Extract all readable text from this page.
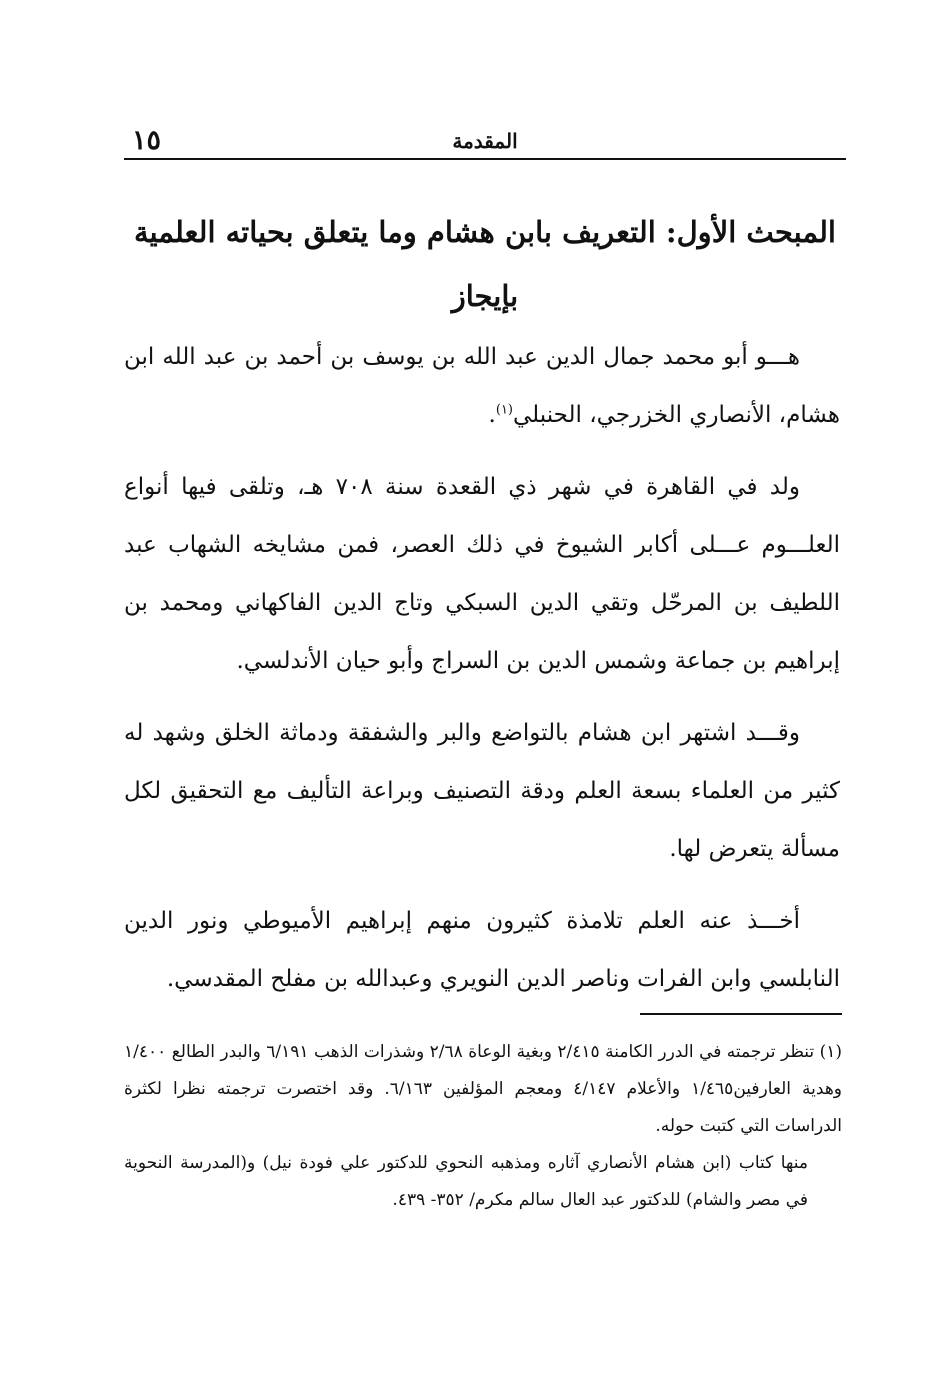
١٥	المقدمة
المبحث الأول: التعريف بابن هشام وما يتعلق بحياته العلمية بإيجاز

هـــو أبو محمد جمال الدين عبد الله بن يوسف بن أحمد بن عبد الله ابن هشام، الأنصاري الخزرجي، الحنبلي$^{(١)}$.

ولد في القاهرة في شهر ذي القعدة سنة ٧٠٨ هـ، وتلقى فيها أنواع العلـــوم عـــلى أكابر الشيوخ في ذلك العصر، فمن مشايخه الشهاب عبد اللطيف بن المرحّل وتقي الدين السبكي وتاج الدين الفاكهاني ومحمد بن إبراهيم بن جماعة وشمس الدين بن السراج وأبو حيان الأندلسي.

وقـــد اشتهر ابن هشام بالتواضع والبر والشفقة ودماثة الخلق وشهد له كثير من العلماء بسعة العلم ودقة التصنيف وبراعة التأليف مع التحقيق لكل مسألة يتعرض لها.

أخـــذ عنه العلم تلامذة كثيرون منهم إبراهيم الأميوطي ونور الدين النابلسي وابن الفرات وناصر الدين النويري وعبدالله بن مفلح المقدسي.

(١) تنظر ترجمته في الدرر الكامنة ٢/٤١٥ وبغية الوعاة ٢/٦٨ وشذرات الذهب ٦/١٩١ والبدر الطالع ١/٤٠٠ وهدية العارفين١/٤٦٥ والأعلام ٤/١٤٧ ومعجم المؤلفين ٦/١٦٣. وقد اختصرت ترجمته نظرا لكثرة الدراسات التي كتبت حوله.

منها كتاب (ابن هشام الأنصاري آثاره ومذهبه النحوي للدكتور علي فودة نيل) و(المدرسة النحوية في مصر والشام) للدكتور عبد العال سالم مكرم/ ٣٥٢- ٤٣٩.
